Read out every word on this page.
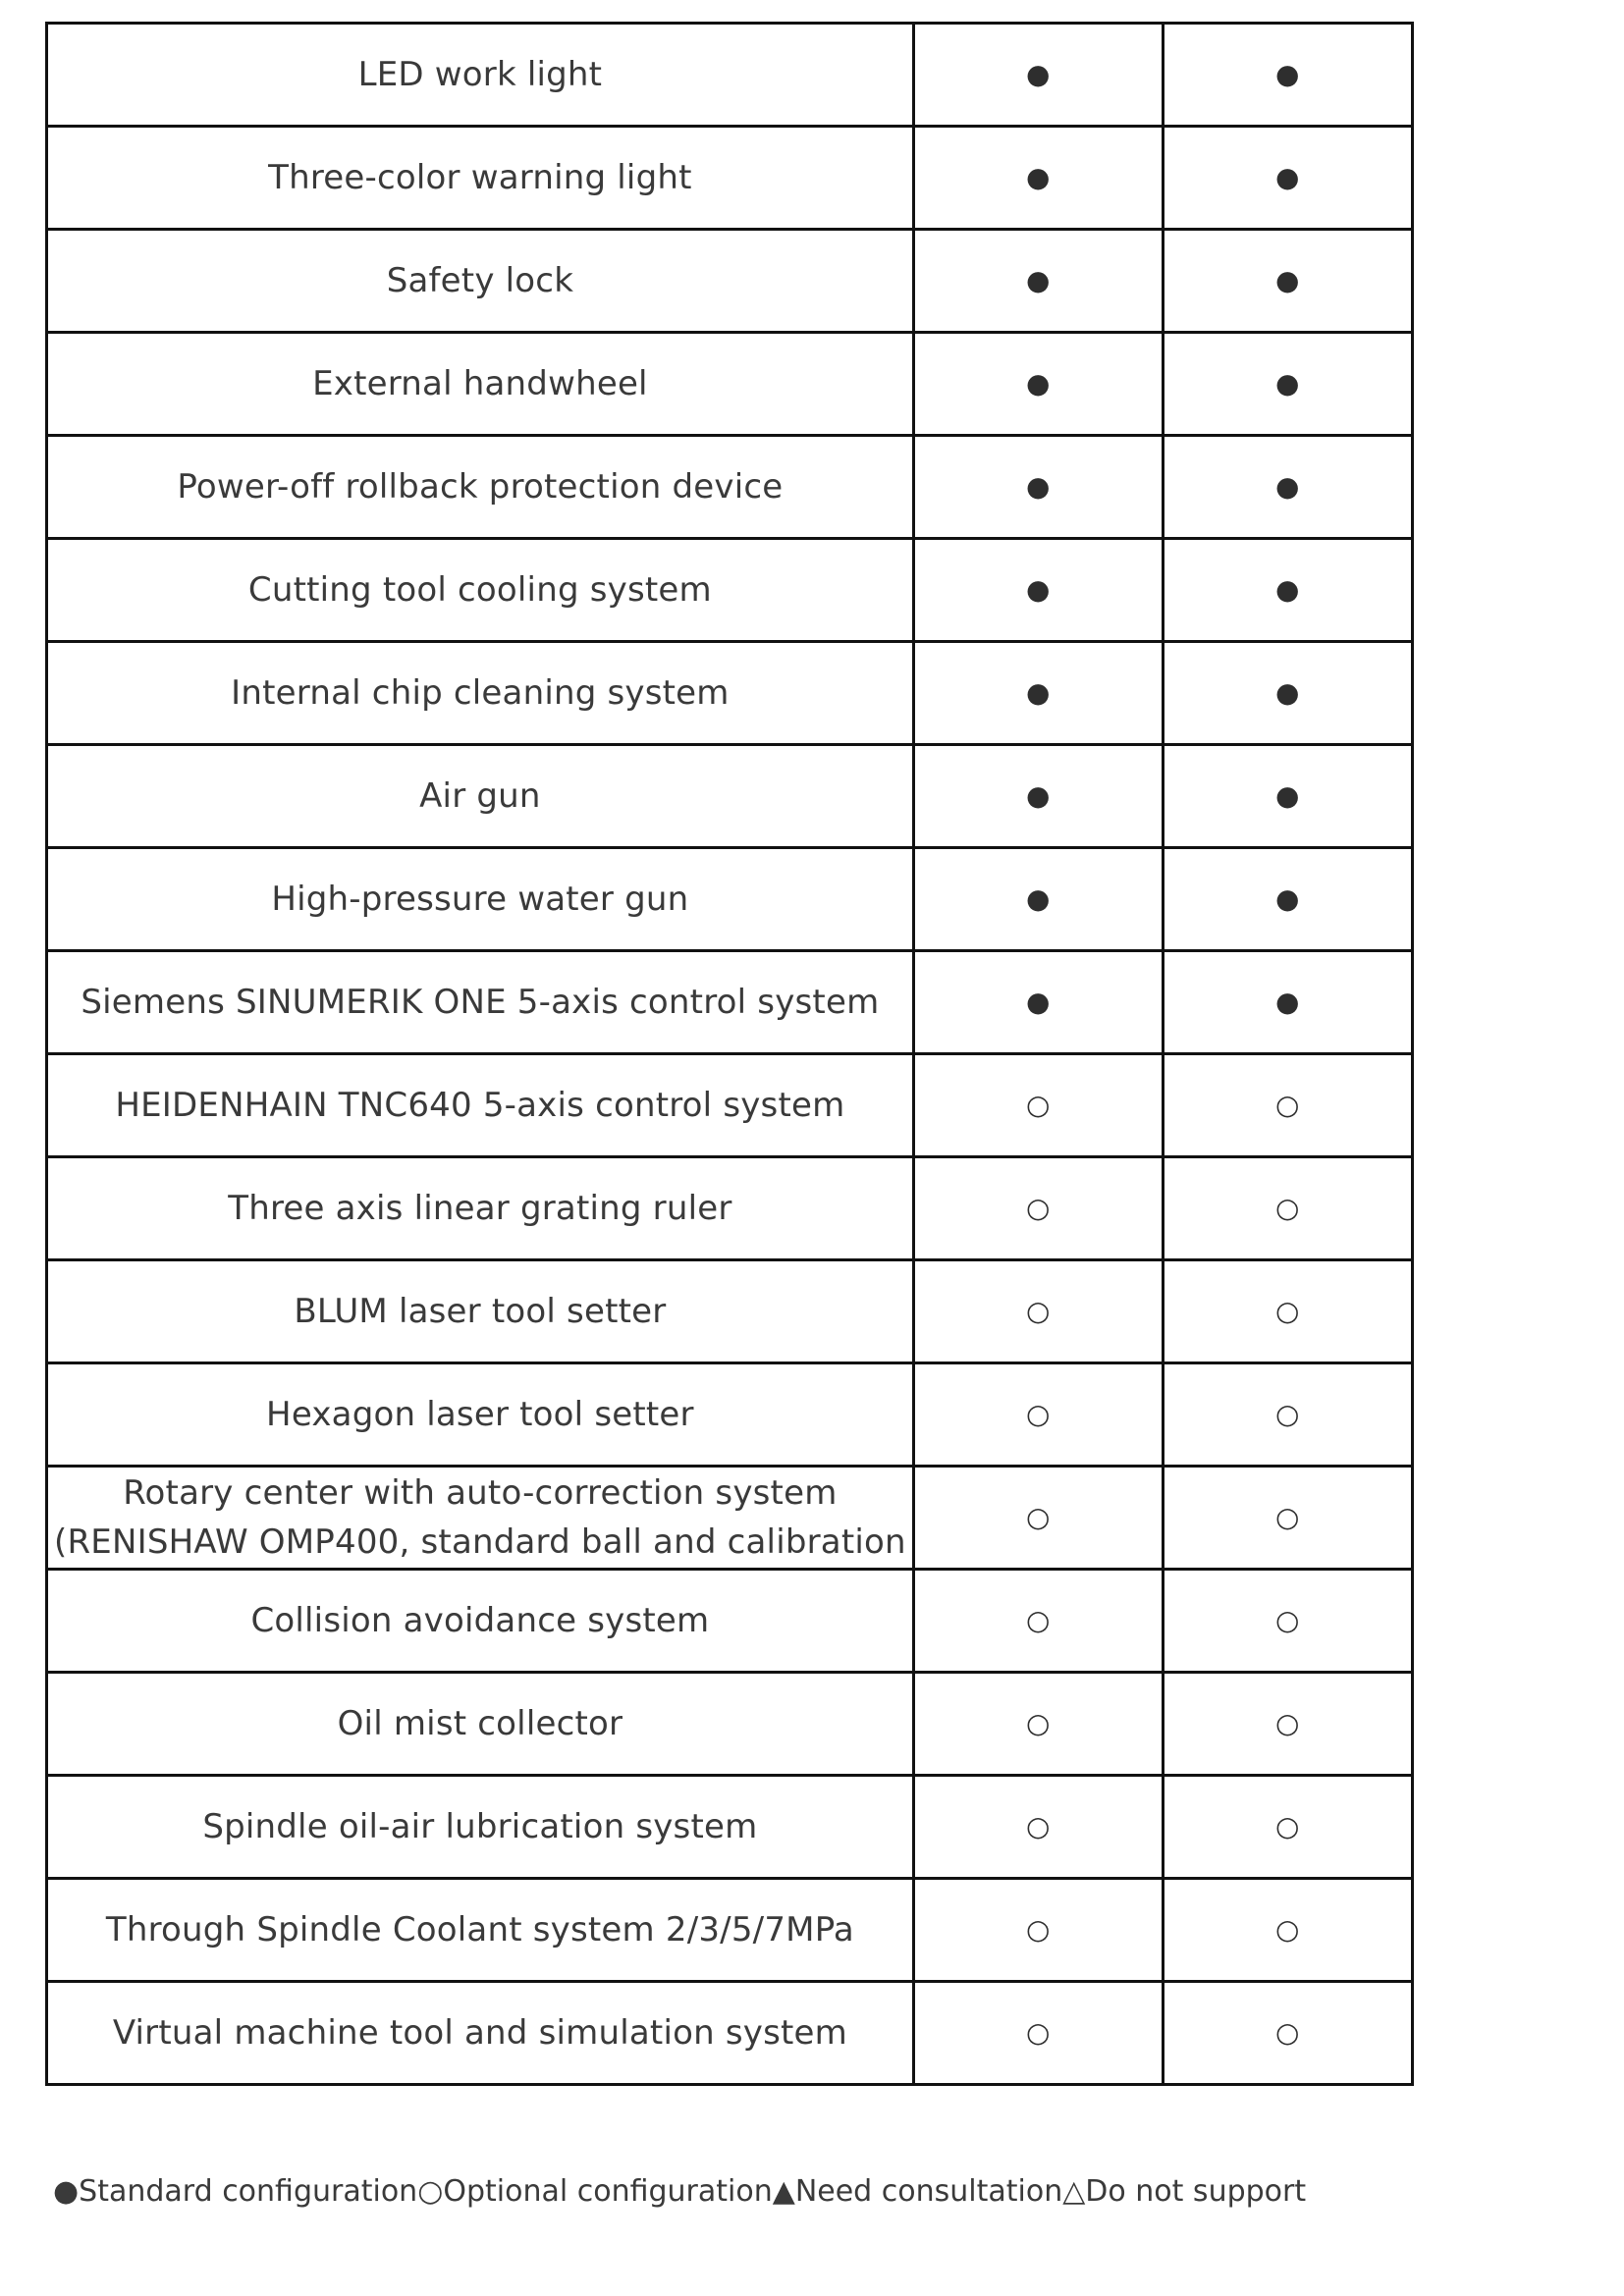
LED work light	●	●
Three-color warning light	●	●
Safety lock	●	●
External handwheel	●	●
Power-off rollback protection device	●	●
Cutting tool cooling system	●	●
Internal chip cleaning system	●	●
Air gun	●	●
High-pressure water gun	●	●
Siemens SINUMERIK ONE 5-axis control system	●	●
HEIDENHAIN TNC640 5-axis control system	○	○
Three axis linear grating ruler	○	○
BLUM laser tool setter	○	○
Hexagon laser tool setter	○	○

Rotary center with auto-correction system
(RENISHAW OMP400, standard ball and calibration	○	○
Collision avoidance system	○	○
Oil mist collector	○	○
Spindle oil-air lubrication system	○	○
Through Spindle Coolant system 2/3/5/7MPa	○	○
Virtual machine tool and simulation system	○	○
●Standard configuration○Optional configuration▲Need consultation△Do not support
